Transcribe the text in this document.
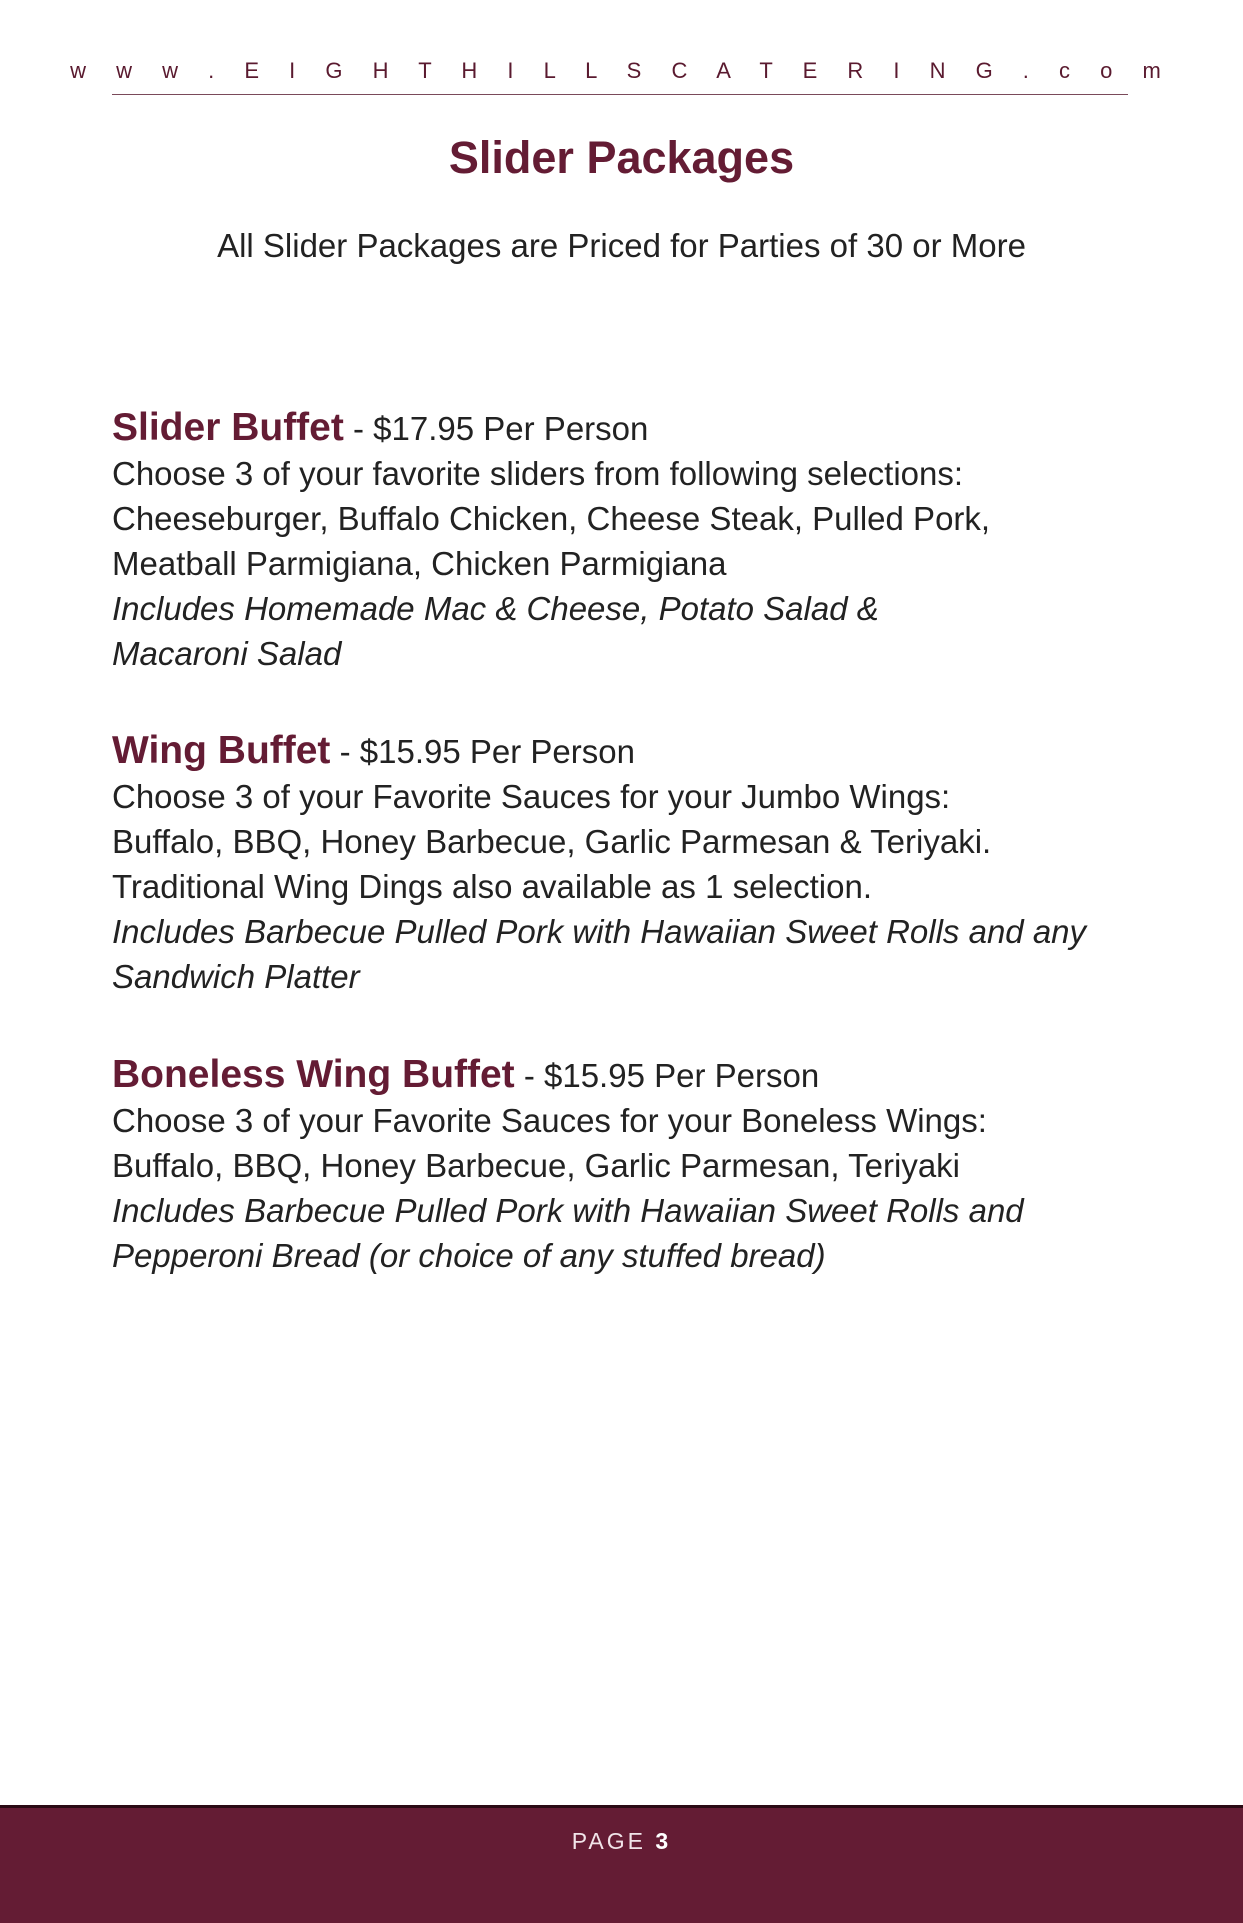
w w w . E I G H T H I L L S C A T E R I N G . c o m
Slider Packages
All Slider Packages are Priced for Parties of 30 or More
Slider Buffet - $17.95 Per Person
Choose 3 of your favorite sliders from following selections:
Cheeseburger, Buffalo Chicken, Cheese Steak, Pulled Pork,
Meatball Parmigiana, Chicken Parmigiana
Includes Homemade Mac & Cheese, Potato Salad &
Macaroni Salad
Wing Buffet - $15.95 Per Person
Choose 3 of your Favorite Sauces for your Jumbo Wings:
Buffalo, BBQ, Honey Barbecue, Garlic Parmesan & Teriyaki.
Traditional Wing Dings also available as 1 selection.
Includes Barbecue Pulled Pork with Hawaiian Sweet Rolls and any
Sandwich Platter
Boneless Wing Buffet - $15.95 Per Person
Choose 3 of your Favorite Sauces for your Boneless Wings:
Buffalo, BBQ, Honey Barbecue, Garlic Parmesan, Teriyaki
Includes Barbecue Pulled Pork with Hawaiian Sweet Rolls and
Pepperoni Bread (or choice of any stuffed bread)
PAGE 3
